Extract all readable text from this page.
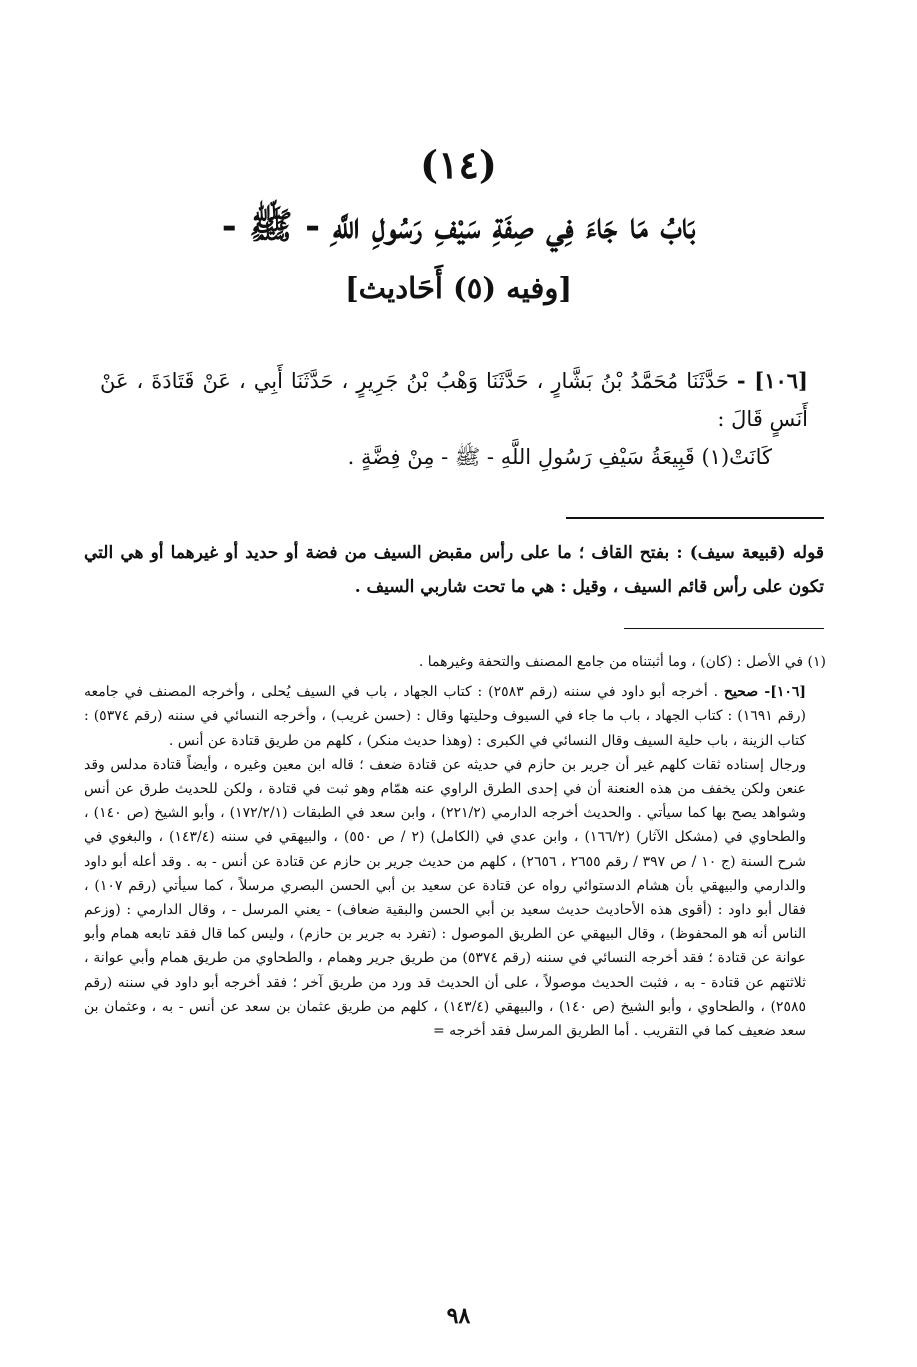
(١٤)
بَابُ مَا جَاءَ فِي صِفَةِ سَيْفِ رَسُولِ اللَّهِ - ﷺ -
[وفيه (٥) أَحَاديث]

[١٠٦] - حَدَّثَنَا مُحَمَّدُ بْنُ بَشَّارٍ ، حَدَّثَنَا وَهْبُ بْنُ جَرِيرٍ ، حَدَّثَنَا أَبِي ، عَنْ قَتَادَةَ ، عَنْ أَنَسٍ قَالَ :

كَانَتْ(١) قَبِيعَةُ سَيْفِ رَسُولِ اللَّهِ - ﷺ - مِنْ فِضَّةٍ .

قوله (قبيعة سيف) : بفتح القاف ؛ ما على رأس مقبض السيف من فضة أو حديد أو غيرهما أو هي التي تكون على رأس قائم السيف ، وقيل : هي ما تحت شاربي السيف .

(١) في الأصل : (كان) ، وما أثبتناه من جامع المصنف والتحفة وغيرهما .

[١٠٦]- صحيح . أخرجه أبو داود في سننه (رقم ٢٥٨٣) : كتاب الجهاد ، باب في السيف يُحلى ، وأخرجه المصنف في جامعه (رقم ١٦٩١) : كتاب الجهاد ، باب ما جاء في السيوف وحليتها وقال : (حسن غريب) ، وأخرجه النسائي في سننه (رقم ٥٣٧٤) : كتاب الزينة ، باب حلية السيف وقال النسائي في الكبرى : (وهذا حديث منكر) ، كلهم من طريق قتادة عن أنس .

ورجال إسناده ثقات كلهم غير أن جرير بن حازم في حديثه عن قتادة ضعف ؛ قاله ابن معين وغيره ، وأيضاً قتادة مدلس وقد عنعن ولكن يخفف من هذه العنعنة أن في إحدى الطرق الراوي عنه همّام وهو ثبت في قتادة ، ولكن للحديث طرق عن أنس وشواهد يصح بها كما سيأتي . والحديث أخرجه الدارمي (٢٢١/٢) ، وابن سعد في الطبقات (١٧٢/٢/١) ، وأبو الشيخ (ص ١٤٠) ، والطحاوي في (مشكل الآثار) (١٦٦/٢) ، وابن عدي في (الكامل) (٢ / ص ٥٥٠) ، والبيهقي في سننه (١٤٣/٤) ، والبغوي في شرح السنة (ج ١٠ / ص ٣٩٧ / رقم ٢٦٥٥ ، ٢٦٥٦) ، كلهم من حديث جرير بن حازم عن قتادة عن أنس - به . وقد أعله أبو داود والدارمي والبيهقي بأن هشام الدستوائي رواه عن قتادة عن سعيد بن أبي الحسن البصري مرسلاً ، كما سيأتي (رقم ١٠٧) ، فقال أبو داود : (أقوى هذه الأحاديث حديث سعيد بن أبي الحسن والبقية ضعاف) - يعني المرسل - ، وقال الدارمي : (وزعم الناس أنه هو المحفوظ) ، وقال البيهقي عن الطريق الموصول : (تفرد به جرير بن حازم) ، وليس كما قال فقد تابعه همام وأبو عوانة عن قتادة ؛ فقد أخرجه النسائي في سننه (رقم ٥٣٧٤) من طريق جرير وهمام ، والطحاوي من طريق همام وأبي عوانة ، ثلاثتهم عن قتادة - به ، فثبت الحديث موصولاً ، على أن الحديث قد ورد من طريق آخر ؛ فقد أخرجه أبو داود في سننه (رقم ٢٥٨٥) ، والطحاوي ، وأبو الشيخ (ص ١٤٠) ، والبيهقي (١٤٣/٤) ، كلهم من طريق عثمان بن سعد عن أنس - به ، وعثمان بن سعد ضعيف كما في التقريب . أما الطريق المرسل فقد أخرجه =

٩٨
